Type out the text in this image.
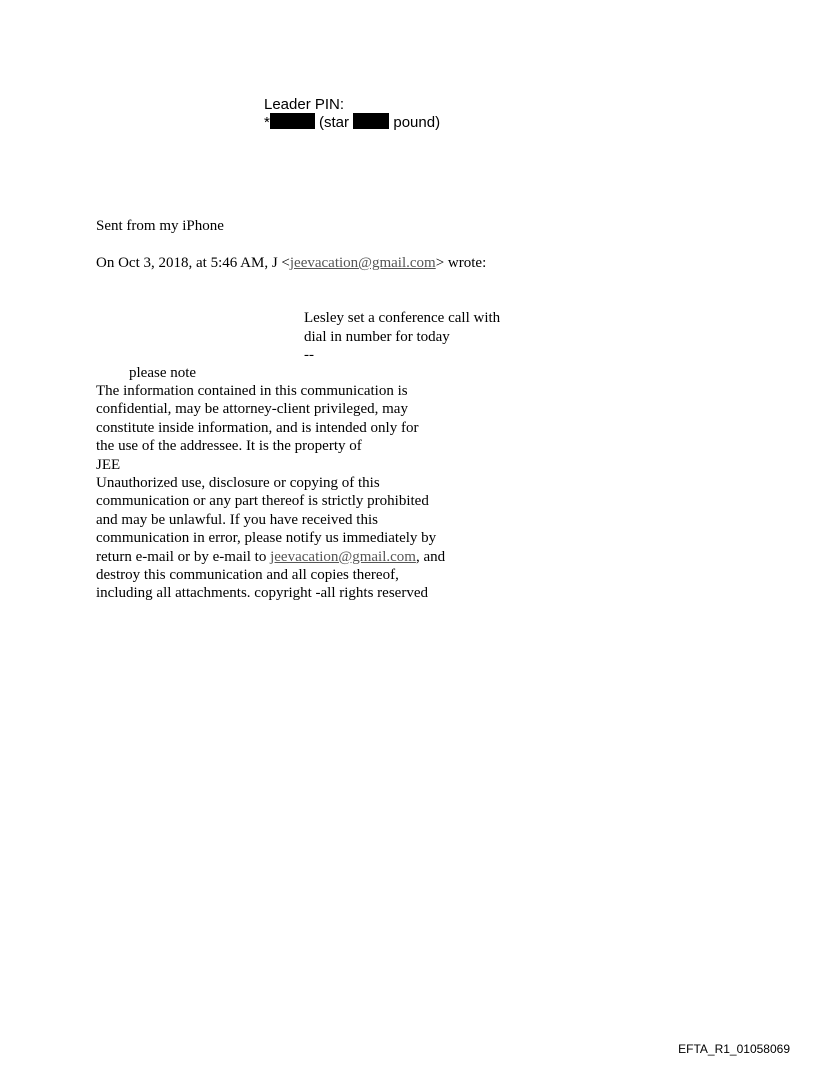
Leader PIN:
*	(star	pound)
Sent from my iPhone
On Oct 3, 2018, at 5:46 AM, J <jeevacation@gmail.com> wrote:
Lesley set a conference call with
dial in number for today
--
please note
The information contained in this communication is
confidential, may be attorney-client privileged, may
constitute inside information, and is intended only for
the use of the addressee. It is the property of
JEE
Unauthorized use, disclosure or copying of this
communication or any part thereof is strictly prohibited
and may be unlawful. If you have received this
communication in error, please notify us immediately by
return e-mail or by e-mail to jeevacation@gmail.com, and
destroy this communication and all copies thereof,
including all attachments. copyright -all rights reserved
EFTA_R1_01058069
